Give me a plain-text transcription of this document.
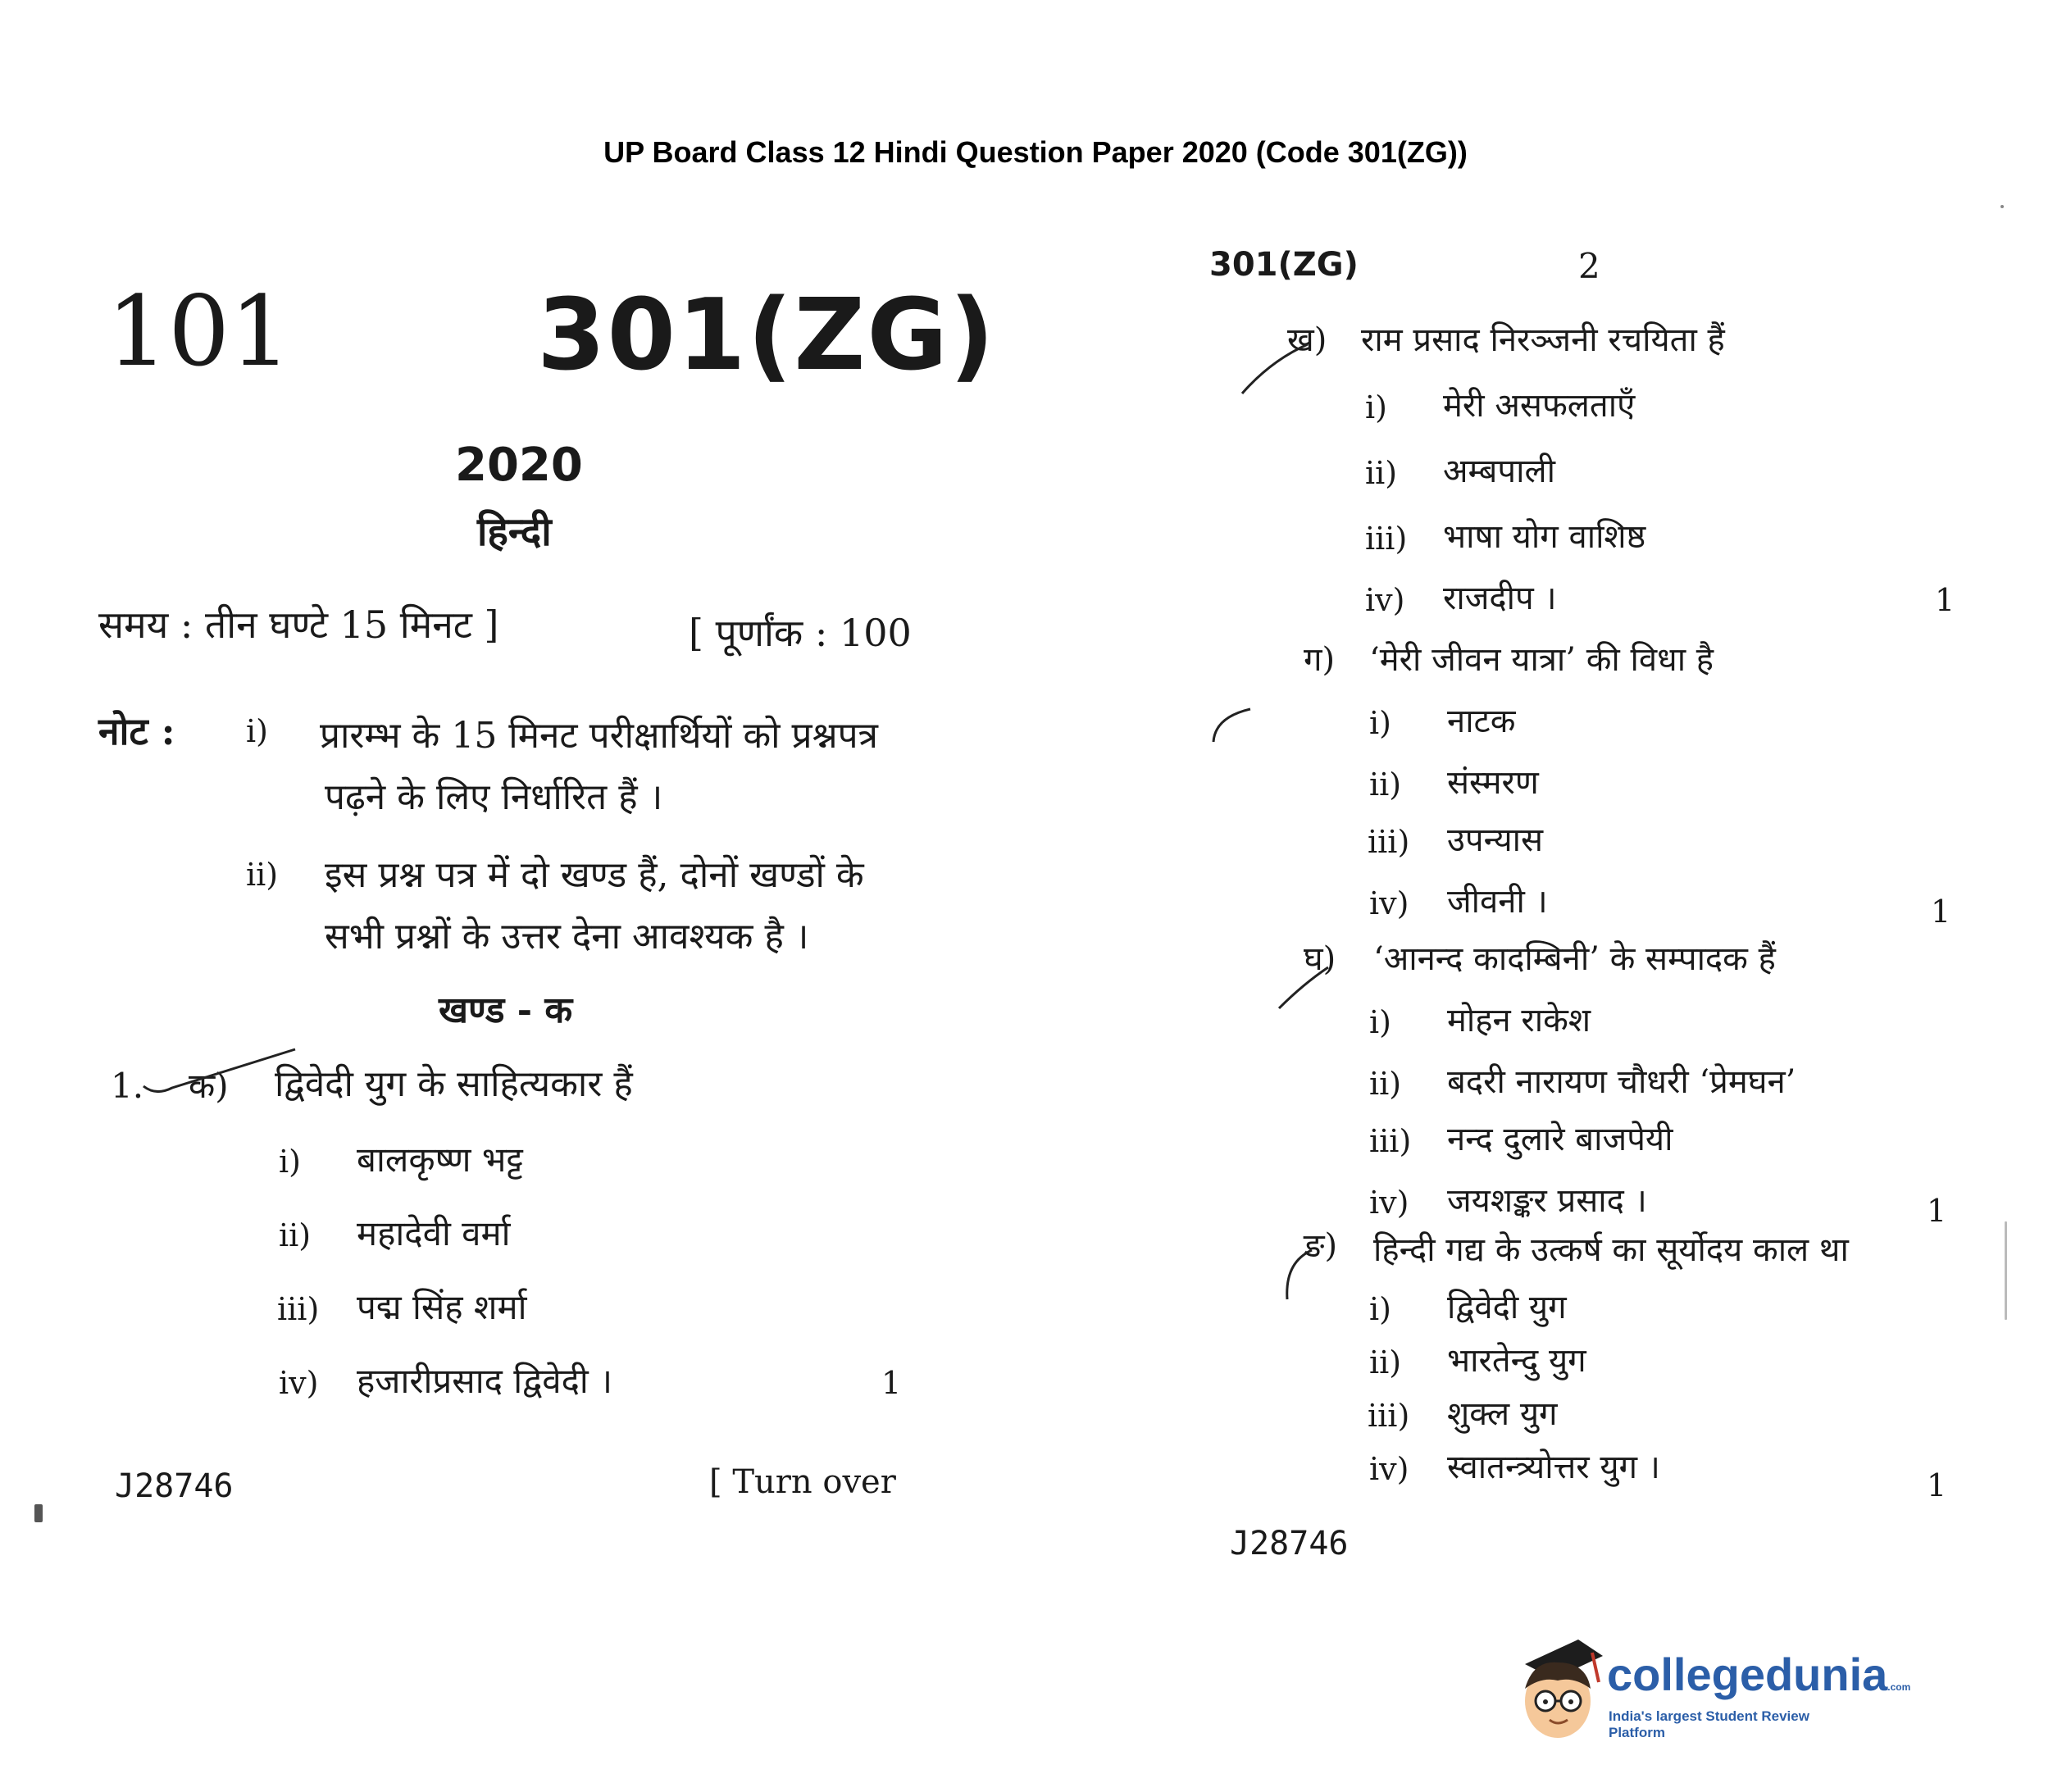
UP Board Class 12 Hindi Question Paper 2020 (Code 301(ZG))
101 301(ZG)
2020
हिन्दी
समय : तीन घण्टे 15 मिनट ]	[ पूर्णांक : 100
नोट : i) प्रारम्भ के 15 मिनट परीक्षार्थियों को प्रश्नपत्र
पढ़ने के लिए निर्धारित हैं ।
ii) इस प्रश्न पत्र में दो खण्ड हैं, दोनों खण्डों के
सभी प्रश्नों के उत्तर देना आवश्यक है ।
खण्ड - क
1. क) द्विवेदी युग के साहित्यकार हैं
i) बालकृष्ण भट्ट
ii) महादेवी वर्मा
iii) पद्म सिंह शर्मा
iv) हजारीप्रसाद द्विवेदी ।	1
J28746	[ Turn over
301(ZG)	2
ख) राम प्रसाद निरञ्जनी रचयिता हैं
i) मेरी असफलताएँ
ii) अम्बपाली
iii) भाषा योग वाशिष्ठ
iv) राजदीप ।	1
ग) ‘मेरी जीवन यात्रा’ की विधा है
i) नाटक
ii) संस्मरण
iii) उपन्यास
iv) जीवनी ।	1
घ) ‘आनन्द कादम्बिनी’ के सम्पादक हैं
i) मोहन राकेश
ii) बदरी नारायण चौधरी ‘प्रेमघन’
iii) नन्द दुलारे बाजपेयी
iv) जयशङ्कर प्रसाद ।	1
ङ) हिन्दी गद्य के उत्कर्ष का सूर्योदय काल था
i) द्विवेदी युग
ii) भारतेन्दु युग
iii) शुक्ल युग
iv) स्वातन्त्र्योत्तर युग ।	1
J28746
collegedunia.com
India's largest Student Review Platform
